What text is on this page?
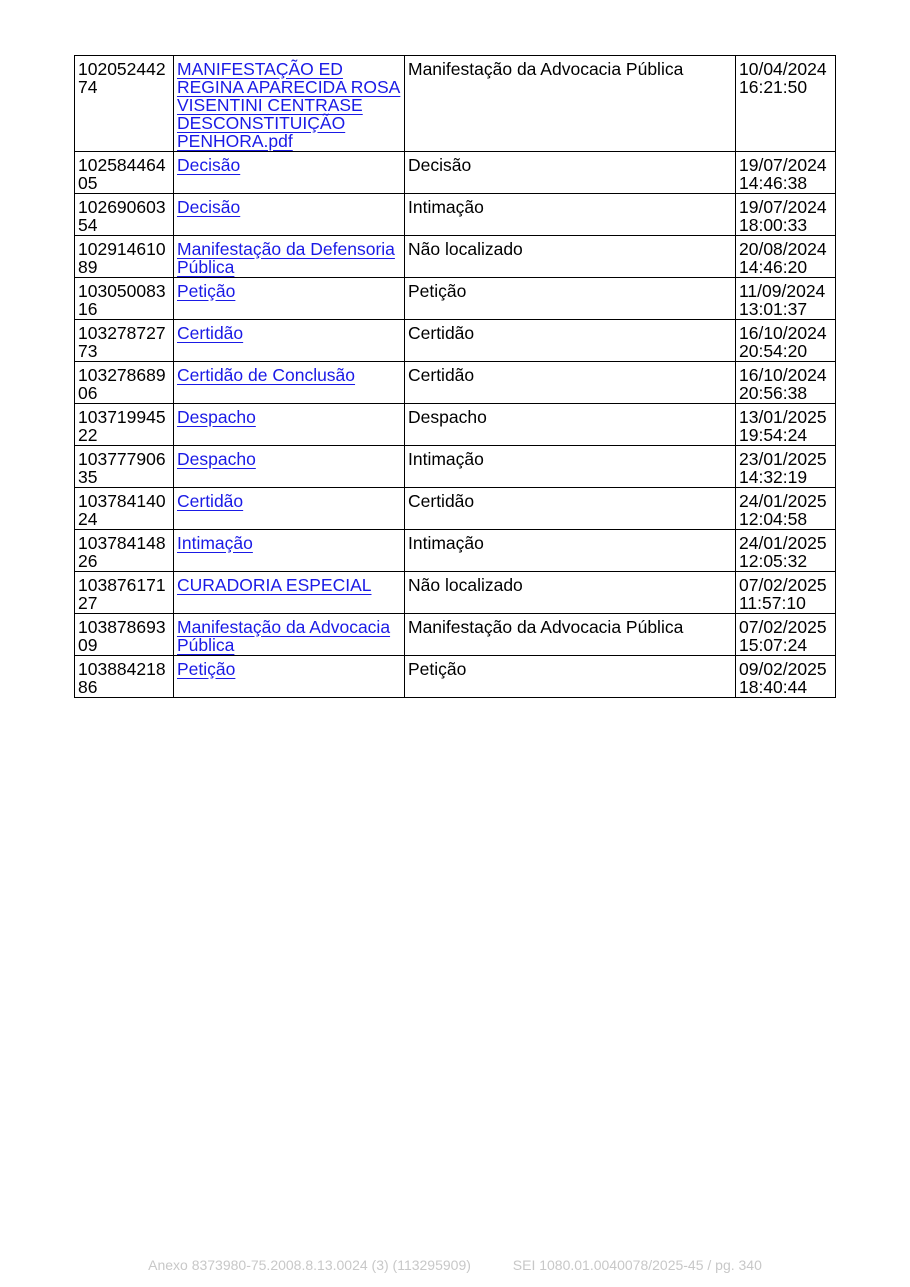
10205244274	MANIFESTAÇÃO ED REGINA APARECIDA ROSA VISENTINI CENTRASE DESCONSTITUIÇÃO PENHORA.pdf	Manifestação da Advocacia Pública	10/04/2024
16:21:50

10258446405	Decisão	Decisão	19/07/2024
14:46:38

10269060354	Decisão	Intimação	19/07/2024
18:00:33

10291461089	Manifestação da Defensoria Pública	Não localizado	20/08/2024
14:46:20

10305008316	Petição	Petição	11/09/2024
13:01:37

10327872773	Certidão	Certidão	16/10/2024
20:54:20

10327868906	Certidão de Conclusão	Certidão	16/10/2024
20:56:38

10371994522	Despacho	Despacho	13/01/2025
19:54:24

10377790635	Despacho	Intimação	23/01/2025
14:32:19

10378414024	Certidão	Certidão	24/01/2025
12:04:58

10378414826	Intimação	Intimação	24/01/2025
12:05:32

10387617127	CURADORIA ESPECIAL	Não localizado	07/02/2025
11:57:10

10387869309	Manifestação da Advocacia Pública	Manifestação da Advocacia Pública	07/02/2025
15:07:24

10388421886	Petição	Petição	09/02/2025
18:40:44
Anexo 8373980-75.2008.8.13.0024 (3) (113295909)	SEI 1080.01.0040078/2025-45 / pg. 340
